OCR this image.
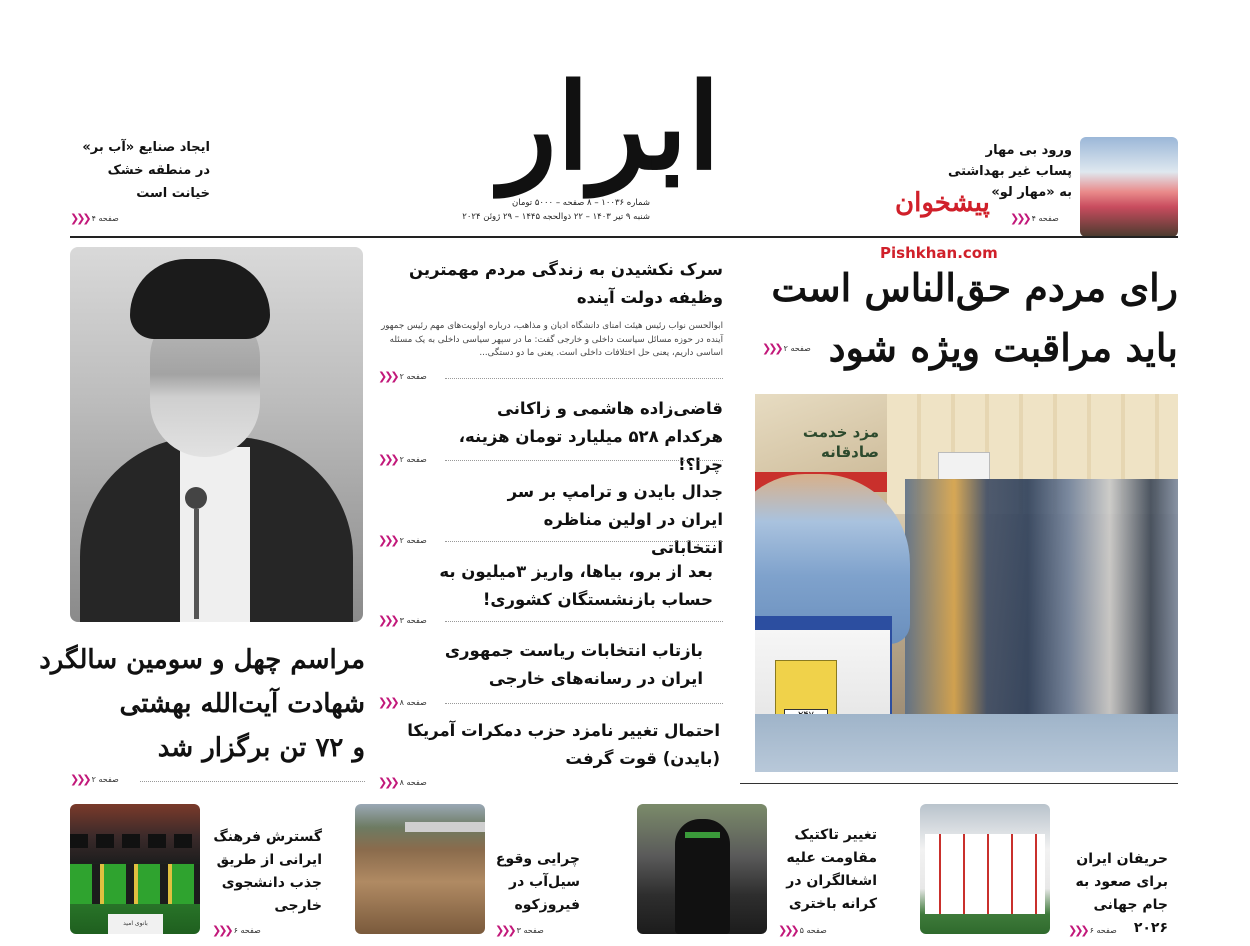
ابرار
شماره ۱۰۰۳۶ – ۸ صفحه – ۵۰۰۰ تومان
شنبه ۹ تیر ۱۴۰۳ – ۲۲ ذوالحجه ۱۴۴۵ – ۲۹ ژوئن ۲۰۲۴
ورود بی مهار
پساب غیر بهداشتی
به «مهار لو»
صفحه ۴
❮❮❮
پیشخوان
Pishkhan.com
ایجاد صنایع «آب بر»
در منطقه خشک
خیانت است
صفحه ۴
❮❮❮
رای مردم حق‌الناس است
باید مراقبت ویژه شود
صفحه ۲
❮❮❮
مزد خدمت صادقانه
سرک نکشیدن به زندگی مردم مهمترین وظیفه دولت آینده
ابوالحسن نواب رئیس هیئت امنای دانشگاه ادیان و مذاهب، درباره اولویت‌های مهم رئیس جمهور آینده در حوزه مسائل سیاست داخلی و خارجی گفت: ما در سپهر سیاسی داخلی به یک مسئله اساسی داریم، یعنی حل اختلافات داخلی است. یعنی ما دو دستگی...
صفحه ۲
❮❮❮
قاضی‌زاده هاشمی و زاکانی هرکدام ۵۲۸ میلیارد تومان هزینه، چرا؟!
صفحه ۲
❮❮❮
جدال بایدن و ترامپ بر سر ایران در اولین مناظره انتخاباتی
صفحه ۲
❮❮❮
بعد از برو، بیاها، واریز ۳میلیون به حساب بازنشستگان کشوری!
صفحه ۳
❮❮❮
بازتاب انتخابات ریاست جمهوری ایران در رسانه‌های خارجی
صفحه ۸
❮❮❮
احتمال تغییر نامزد حزب دمکرات آمریکا (بایدن) قوت گرفت
صفحه ۸
❮❮❮
مراسم چهل و سومین سالگرد
شهادت آیت‌الله بهشتی
و ۷۲ تن برگزار شد
صفحه ۲
❮❮❮
حریفان ایران برای صعود به جام جهانی ۲۰۲۶
صفحه ۶
❮❮❮
تغییر تاکتیک مقاومت علیه اشغالگران در کرانه باختری
صفحه ۵
❮❮❮
چرایی وقوع سیل‌آب در فیروزکوه
صفحه ۳
❮❮❮
بانوی امید
گسترش فرهنگ ایرانی از طریق جذب دانشجوی خارجی
صفحه ۶
❮❮❮
